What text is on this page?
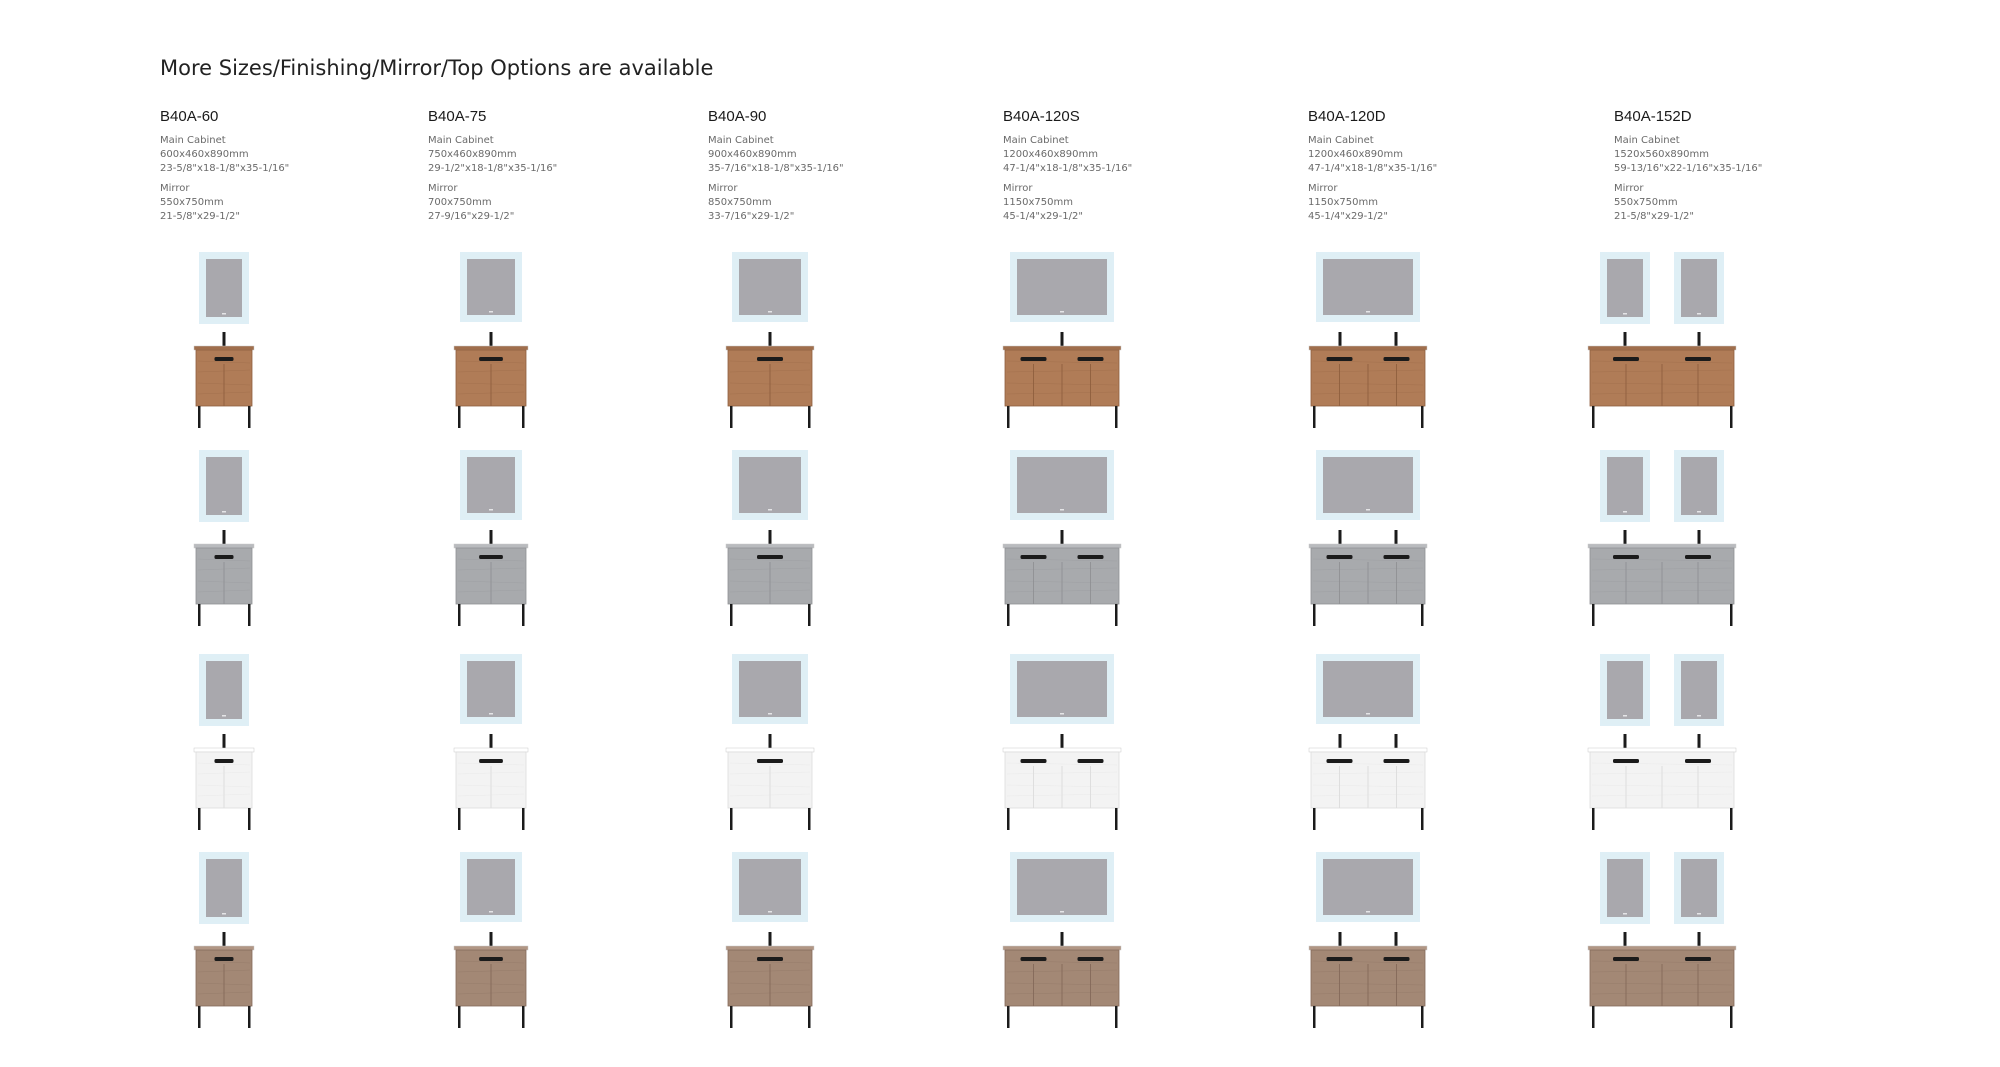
More Sizes/Finishing/Mirror/Top Options are available
B40A-60
Main Cabinet
600x460x890mm
23-5/8"x18-1/8"x35-1/16"
Mirror
550x750mm
21-5/8"x29-1/2"
B40A-75
Main Cabinet
750x460x890mm
29-1/2"x18-1/8"x35-1/16"
Mirror
700x750mm
27-9/16"x29-1/2"
B40A-90
Main Cabinet
900x460x890mm
35-7/16"x18-1/8"x35-1/16"
Mirror
850x750mm
33-7/16"x29-1/2"
B40A-120S
Main Cabinet
1200x460x890mm
47-1/4"x18-1/8"x35-1/16"
Mirror
1150x750mm
45-1/4"x29-1/2"
B40A-120D
Main Cabinet
1200x460x890mm
47-1/4"x18-1/8"x35-1/16"
Mirror
1150x750mm
45-1/4"x29-1/2"
B40A-152D
Main Cabinet
1520x560x890mm
59-13/16"x22-1/16"x35-1/16"
Mirror
550x750mm
21-5/8"x29-1/2"
